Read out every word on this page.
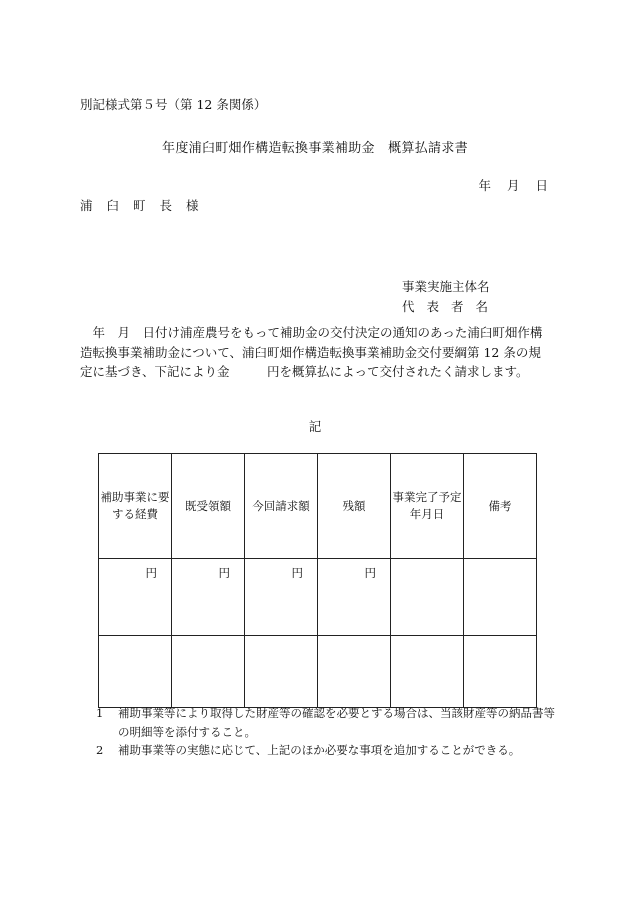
別記様式第５号（第 12 条関係）
年度浦臼町畑作構造転換事業補助金　概算払請求書
年 月 日
浦臼町長様
事業実施主体名
代表者名
　年　月　日付け浦産農号をもって補助金の交付決定の通知のあった浦臼町畑作構造転換事業補助金について、浦臼町畑作構造転換事業補助金交付要綱第 12 条の規定に基づき、下記により金　　　円を概算払によって交付されたく請求します。
記
補助事業に要する経費	既受領額	今回請求額	残額	事業完了予定年月日	備考
円	円	円	円		

1 補助事業等により取得した財産等の確認を必要とする場合は、当該財産等の納品書等の明細等を添付すること。
2 補助事業等の実態に応じて、上記のほか必要な事項を追加することができる。
